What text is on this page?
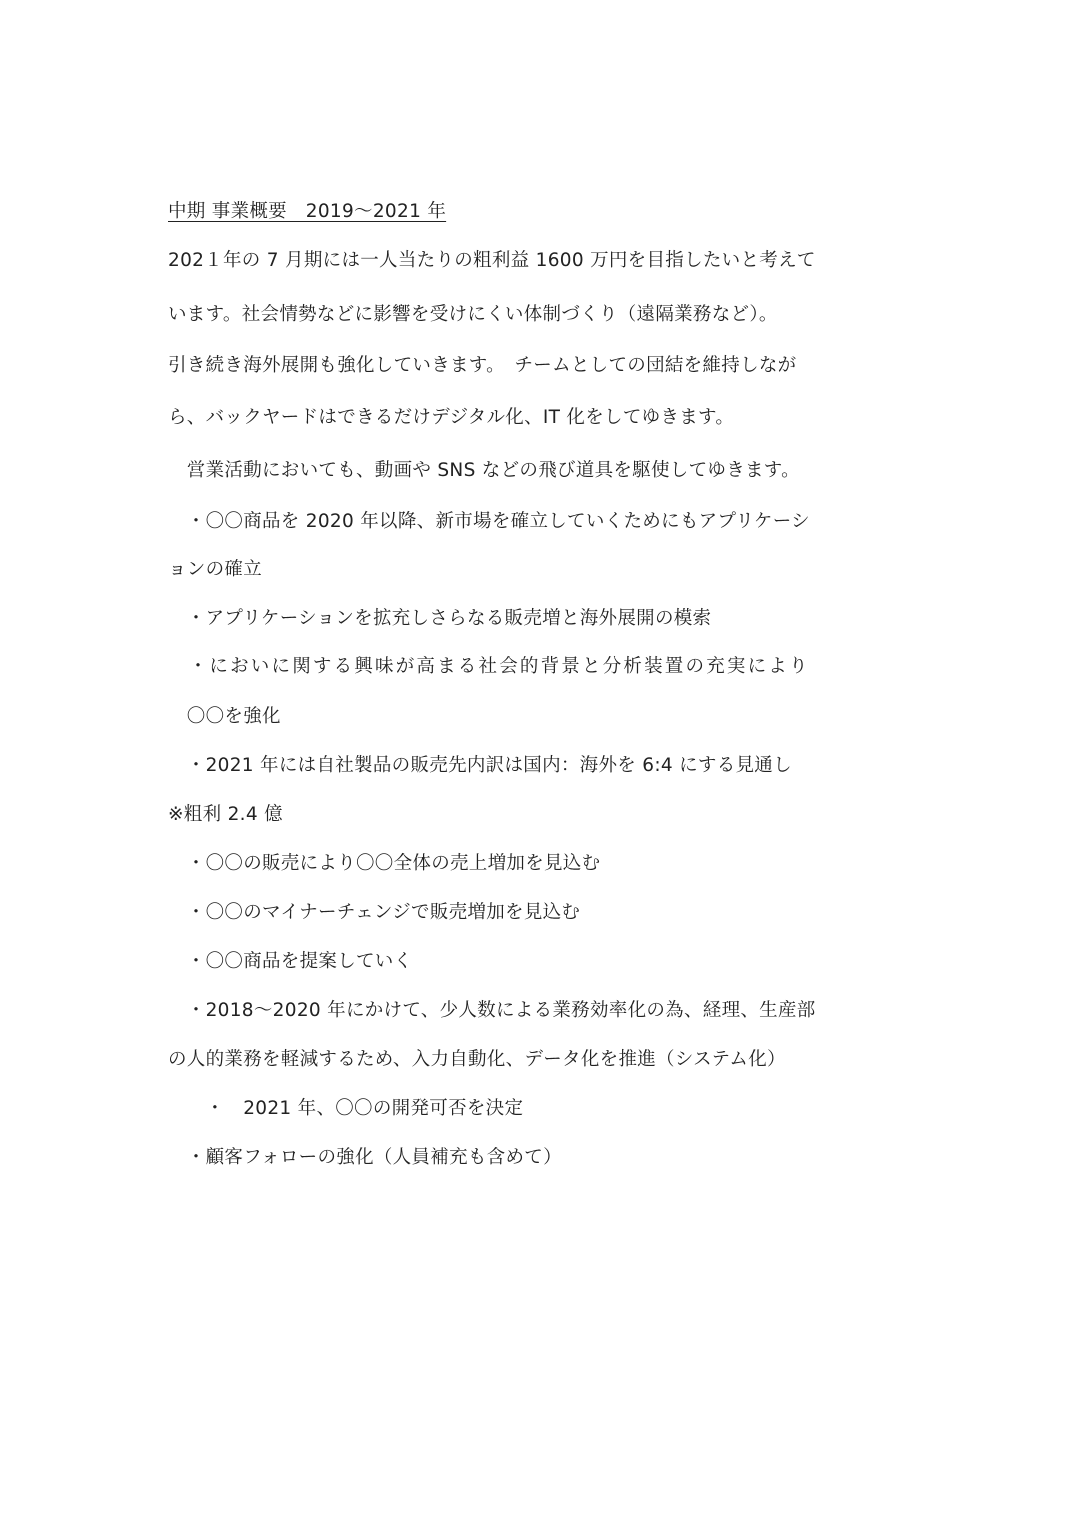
中期 事業概要　2019～2021 年
202１年の 7 月期には一人当たりの粗利益 1600 万円を目指したいと考えて
います。社会情勢などに影響を受けにくい体制づくり（遠隔業務など）。
引き続き海外展開も強化していきます。　チームとしての団結を維持しなが
ら、バックヤードはできるだけデジタル化、IT 化をしてゆきます。
　営業活動においても、動画や SNS などの飛び道具を駆使してゆきます。
　・〇〇商品を 2020 年以降、新市場を確立していくためにもアプリケーシ
ョンの確立
　・アプリケーションを拡充しさらなる販売増と海外展開の模索
　・においに関する興味が高まる社会的背景と分析装置の充実により
　〇〇を強化
　・2021 年には自社製品の販売先内訳は国内：海外を 6:4 にする見通し
※粗利 2.4 億
　・〇〇の販売により〇〇全体の売上増加を見込む
　・〇〇のマイナーチェンジで販売増加を見込む
　・〇〇商品を提案していく
　・2018～2020 年にかけて、少人数による業務効率化の為、経理、生産部
の人的業務を軽減するため、入力自動化、データ化を推進（システム化）
　　・　2021 年、〇〇の開発可否を決定
　・顧客フォローの強化（人員補充も含めて）
